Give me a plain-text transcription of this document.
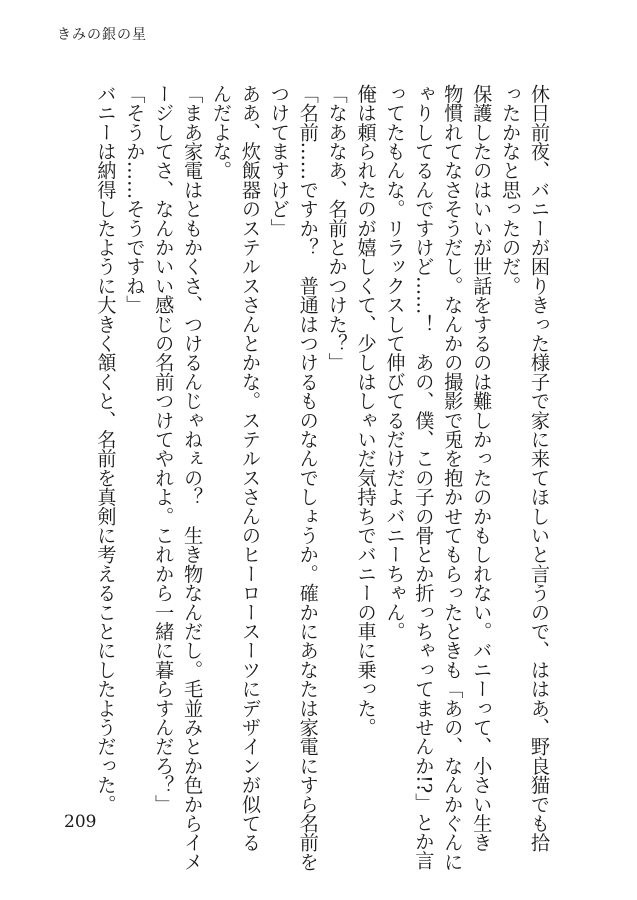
きみの銀の星
休日前夜、バニーが困りきった様子で家に来てほしいと言うので、ははあ、野良猫でも拾
ったかなと思ったのだ。
保護したのはいいが世話をするのは難しかったのかもしれない。バニーって、小さい生き
物慣れてなさそうだし。なんかの撮影で兎を抱かせてもらったときも「あの、なんかぐんに
ゃりしてるんですけど……！　あの、僕、この子の骨とか折っちゃってませんか!?」とか言
ってたもんな。リラックスして伸びてるだけだよバニーちゃん。
俺は頼られたのが嬉しくて、少しはしゃいだ気持ちでバニーの車に乗った。
「なあなあ、名前とかつけた？」
「名前……ですか？　普通はつけるものなんでしょうか。確かにあなたは家電にすら名前を
つけてますけど」
ああ、炊飯器のステルスさんとかな。ステルスさんのヒーロースーツにデザインが似てる
んだよな。
「まあ家電はともかくさ、つけるんじゃねぇの？　生き物なんだし。毛並みとか色からイメ
ージしてさ、なんかいい感じの名前つけてやれよ。これから一緒に暮らすんだろ？」
「そうか……そうですね」
バニーは納得したように大きく頷くと、名前を真剣に考えることにしたようだった。
209
